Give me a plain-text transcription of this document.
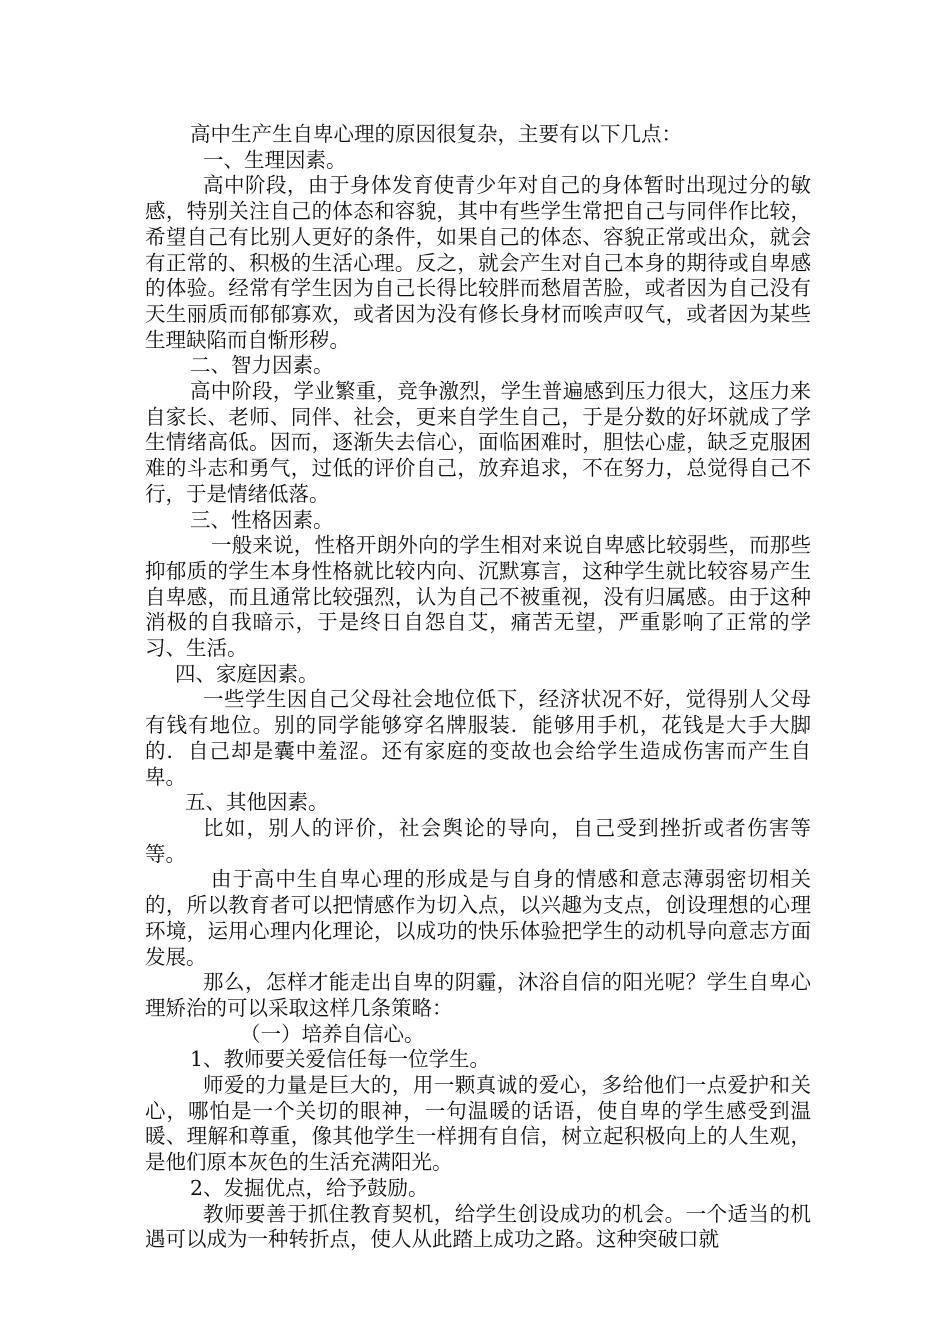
高中生产生自卑心理的原因很复杂，主要有以下几点：

一、生理因素。

高中阶段，由于身体发育使青少年对自己的身体暂时出现过分的敏感，特别关注自己的体态和容貌，其中有些学生常把自己与同伴作比较，希望自己有比别人更好的条件，如果自己的体态、容貌正常或出众，就会有正常的、积极的生活心理。反之，就会产生对自己本身的期待或自卑感的体验。经常有学生因为自己长得比较胖而愁眉苦脸，或者因为自己没有天生丽质而郁郁寡欢，或者因为没有修长身材而唉声叹气，或者因为某些生理缺陷而自惭形秽。

二、智力因素。

高中阶段，学业繁重，竞争激烈，学生普遍感到压力很大，这压力来自家长、老师、同伴、社会，更来自学生自己，于是分数的好坏就成了学生情绪高低。因而，逐渐失去信心，面临困难时，胆怯心虚，缺乏克服困难的斗志和勇气，过低的评价自己，放弃追求，不在努力，总觉得自己不行，于是情绪低落。

三、性格因素。

一般来说，性格开朗外向的学生相对来说自卑感比较弱些，而那些抑郁质的学生本身性格就比较内向、沉默寡言，这种学生就比较容易产生自卑感，而且通常比较强烈，认为自己不被重视，没有归属感。由于这种消极的自我暗示，于是终日自怨自艾，痛苦无望，严重影响了正常的学习、生活。

四、家庭因素。

一些学生因自己父母社会地位低下，经济状况不好，觉得别人父母有钱有地位。别的同学能够穿名牌服装．能够用手机，花钱是大手大脚的．自己却是囊中羞涩。还有家庭的变故也会给学生造成伤害而产生自卑。

五、其他因素。

比如，别人的评价，社会舆论的导向，自己受到挫折或者伤害等等。

由于高中生自卑心理的形成是与自身的情感和意志薄弱密切相关的，所以教育者可以把情感作为切入点，以兴趣为支点，创设理想的心理环境，运用心理内化理论，以成功的快乐体验把学生的动机导向意志方面发展。

那么，怎样才能走出自卑的阴霾，沐浴自信的阳光呢？学生自卑心理矫治的可以采取这样几条策略：

（一）培养自信心。

1、教师要关爱信任每一位学生。

师爱的力量是巨大的，用一颗真诚的爱心，多给他们一点爱护和关心，哪怕是一个关切的眼神，一句温暖的话语，使自卑的学生感受到温暖、理解和尊重，像其他学生一样拥有自信，树立起积极向上的人生观，是他们原本灰色的生活充满阳光。

2、发掘优点，给予鼓励。

教师要善于抓住教育契机，给学生创设成功的机会。一个适当的机遇可以成为一种转折点，使人从此踏上成功之路。这种突破口就
